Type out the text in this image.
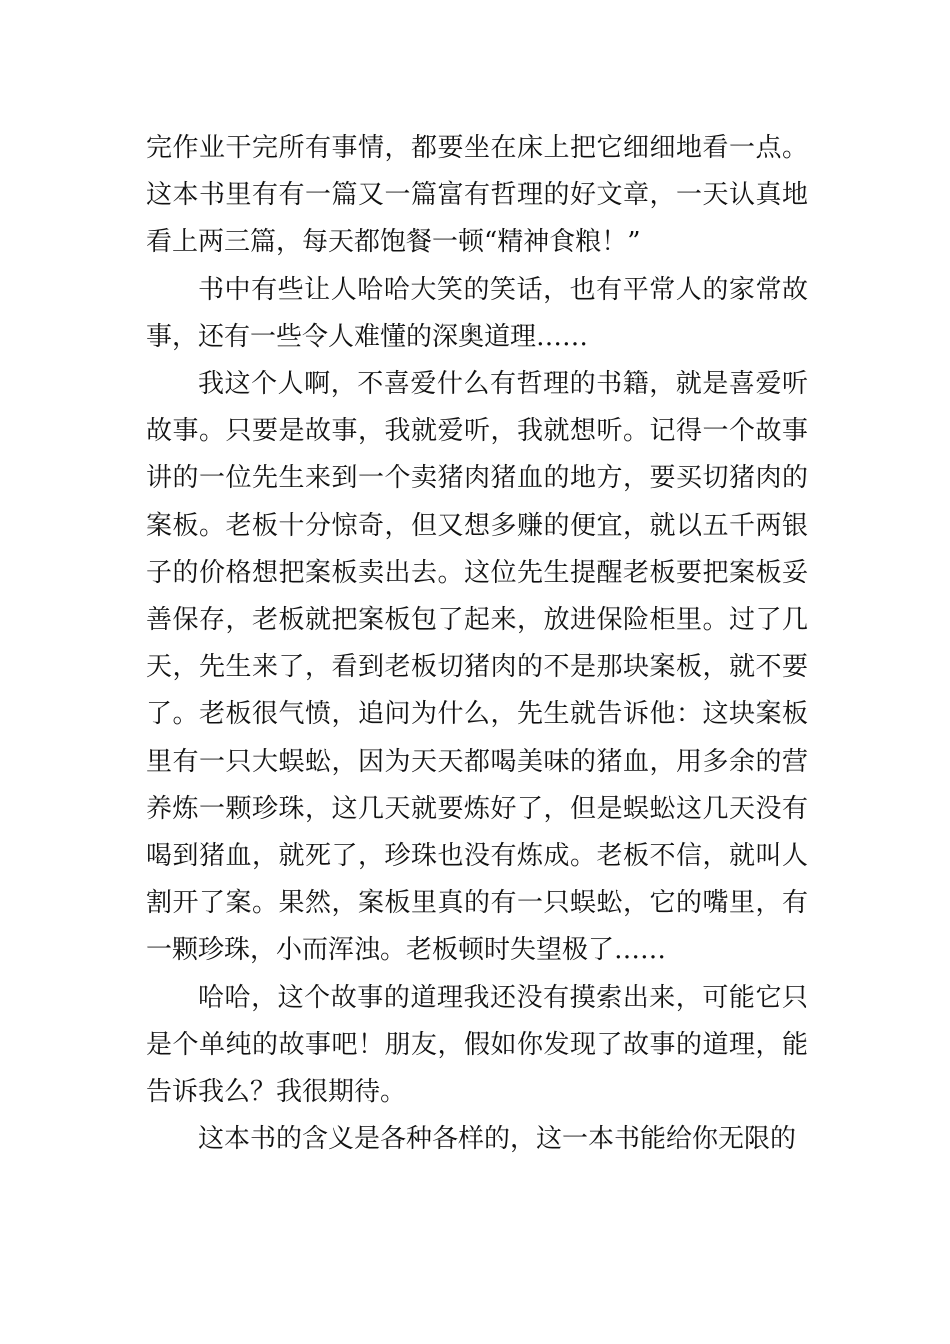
完作业干完所有事情，都要坐在床上把它细细地看一点。这本书里有有一篇又一篇富有哲理的好文章，一天认真地看上两三篇，每天都饱餐一顿“精神食粮！”

书中有些让人哈哈大笑的笑话，也有平常人的家常故事，还有一些令人难懂的深奥道理……

我这个人啊，不喜爱什么有哲理的书籍，就是喜爱听故事。只要是故事，我就爱听，我就想听。记得一个故事讲的一位先生来到一个卖猪肉猪血的地方，要买切猪肉的案板。老板十分惊奇，但又想多赚的便宜，就以五千两银子的价格想把案板卖出去。这位先生提醒老板要把案板妥善保存，老板就把案板包了起来，放进保险柜里。过了几天，先生来了，看到老板切猪肉的不是那块案板，就不要了。老板很气愤，追问为什么，先生就告诉他：这块案板里有一只大蜈蚣，因为天天都喝美味的猪血，用多余的营养炼一颗珍珠，这几天就要炼好了，但是蜈蚣这几天没有喝到猪血，就死了，珍珠也没有炼成。老板不信，就叫人割开了案。果然，案板里真的有一只蜈蚣，它的嘴里，有一颗珍珠，小而浑浊。老板顿时失望极了……

哈哈，这个故事的道理我还没有摸索出来，可能它只是个单纯的故事吧！朋友，假如你发现了故事的道理，能告诉我么？我很期待。

这本书的含义是各种各样的，这一本书能给你无限的
